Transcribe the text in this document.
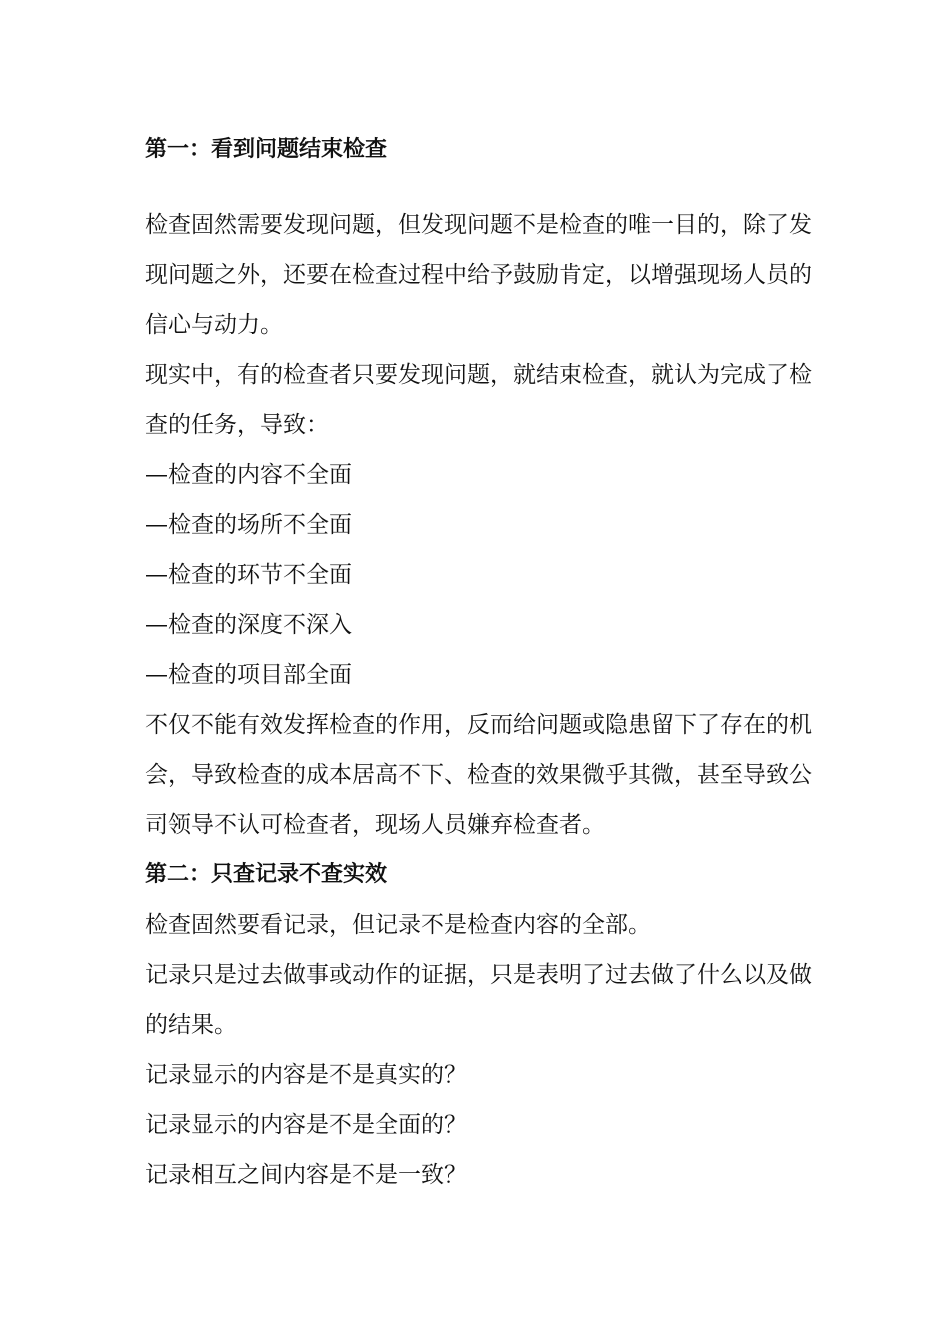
第一：看到问题结束检查

检查固然需要发现问题，但发现问题不是检查的唯一目的，除了发现问题之外，还要在检查过程中给予鼓励肯定，以增强现场人员的信心与动力。

现实中，有的检查者只要发现问题，就结束检查，就认为完成了检查的任务，导致：

—检查的内容不全面

—检查的场所不全面

—检查的环节不全面

—检查的深度不深入

—检查的项目部全面

不仅不能有效发挥检查的作用，反而给问题或隐患留下了存在的机会，导致检查的成本居高不下、检查的效果微乎其微，甚至导致公司领导不认可检查者，现场人员嫌弃检查者。

第二：只查记录不查实效

检查固然要看记录，但记录不是检查内容的全部。

记录只是过去做事或动作的证据，只是表明了过去做了什么以及做的结果。

记录显示的内容是不是真实的？

记录显示的内容是不是全面的？

记录相互之间内容是不是一致？
